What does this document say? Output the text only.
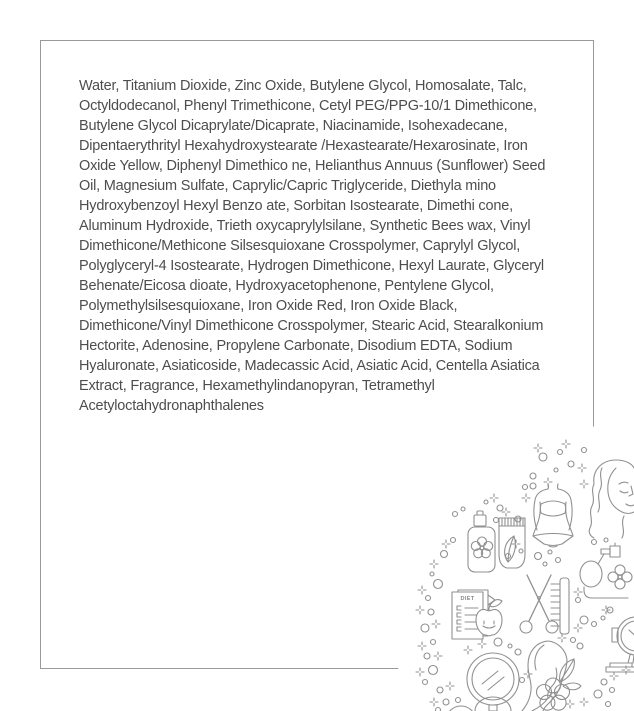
Water, Titanium Dioxide, Zinc Oxide, Butylene Glycol, Homosalate, Talc,
Octyldodecanol, Phenyl Trimethicone, Cetyl PEG/PPG-10/1 Dimethicone,
Butylene Glycol Dicaprylate/Dicaprate, Niacinamide, Isohexadecane,
Dipentaerythrityl Hexahydroxystearate /Hexastearate/Hexarosinate, Iron
Oxide Yellow, Diphenyl Dimethico ne, Helianthus Annuus (Sunflower) Seed
Oil, Magnesium Sulfate, Caprylic/Capric Triglyceride, Diethyla mino
Hydroxybenzoyl Hexyl Benzo ate, Sorbitan Isostearate, Dimethi cone,
Aluminum Hydroxide, Trieth oxycaprylylsilane, Synthetic Bees wax, Vinyl
Dimethicone/Methicone Silsesquioxane Crosspolymer, Caprylyl Glycol,
Polyglyceryl-4 Isostearate, Hydrogen Dimethicone, Hexyl Laurate, Glyceryl
Behenate/Eicosa dioate, Hydroxyacetophenone, Pentylene Glycol,
Polymethylsilsesquioxane, Iron Oxide Red, Iron Oxide Black,
Dimethicone/Vinyl Dimethicone Crosspolymer, Stearic Acid, Stearalkonium
Hectorite, Adenosine, Propylene Carbonate, Disodium EDTA, Sodium
Hyaluronate, Asiaticoside, Madecassic Acid, Asiatic Acid, Centella Asiatica
Extract, Fragrance, Hexamethylindanopyran, Tetramethyl
Acetyloctahydronaphthalenes
DIET
